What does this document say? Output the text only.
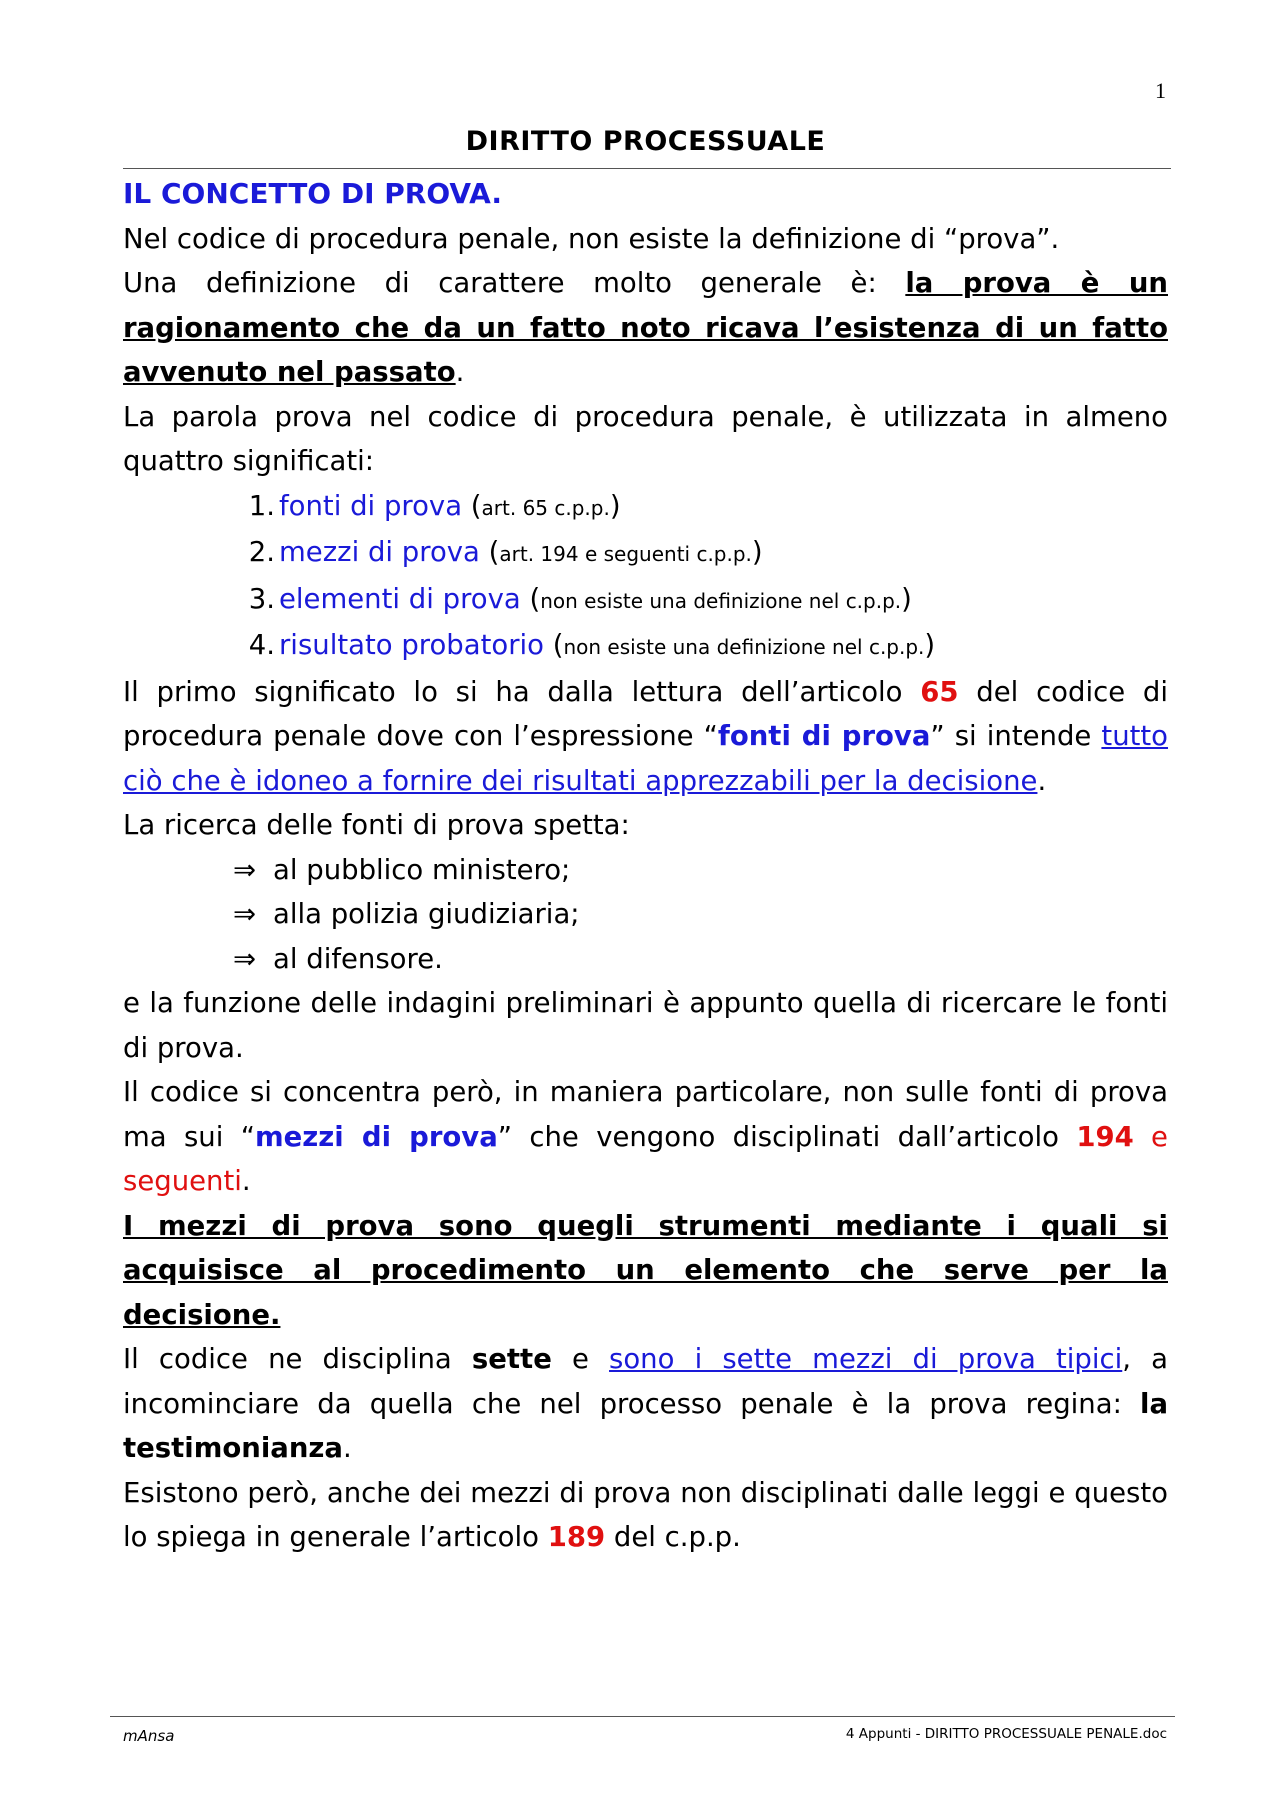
1
DIRITTO PROCESSUALE

IL CONCETTO DI PROVA.

Nel codice di procedura penale, non esiste la definizione di “prova”.

Una definizione di carattere molto generale è: la prova è un ragionamento che da un fatto noto ricava l’esistenza di un fatto avvenuto nel passato.

La parola prova nel codice di procedura penale, è utilizzata in almeno quattro significati:

1. fonti di prova (art. 65 c.p.p.)
2. mezzi di prova (art. 194 e seguenti c.p.p.)
3. elementi di prova (non esiste una definizione nel c.p.p.)
4. risultato probatorio (non esiste una definizione nel c.p.p.)

Il primo significato lo si ha dalla lettura dell’articolo 65 del codice di procedura penale dove con l’espressione “fonti di prova” si intende tutto ciò che è idoneo a fornire dei risultati apprezzabili per la decisione.

La ricerca delle fonti di prova spetta:

⇒ al pubblico ministero;
⇒ alla polizia giudiziaria;
⇒ al difensore.

e la funzione delle indagini preliminari è appunto quella di ricercare le fonti di prova.

Il codice si concentra però, in maniera particolare, non sulle fonti di prova ma sui “mezzi di prova” che vengono disciplinati dall’articolo 194 e seguenti.

I mezzi di prova sono quegli strumenti mediante i quali si acquisisce al procedimento un elemento che serve per la decisione.

Il codice ne disciplina sette e sono i sette mezzi di prova tipici, a incominciare da quella che nel processo penale è la prova regina: la testimonianza.

Esistono però, anche dei mezzi di prova non disciplinati dalle leggi e questo lo spiega in generale l’articolo 189 del c.p.p.

mAnsa	4 Appunti - DIRITTO PROCESSUALE PENALE.doc
